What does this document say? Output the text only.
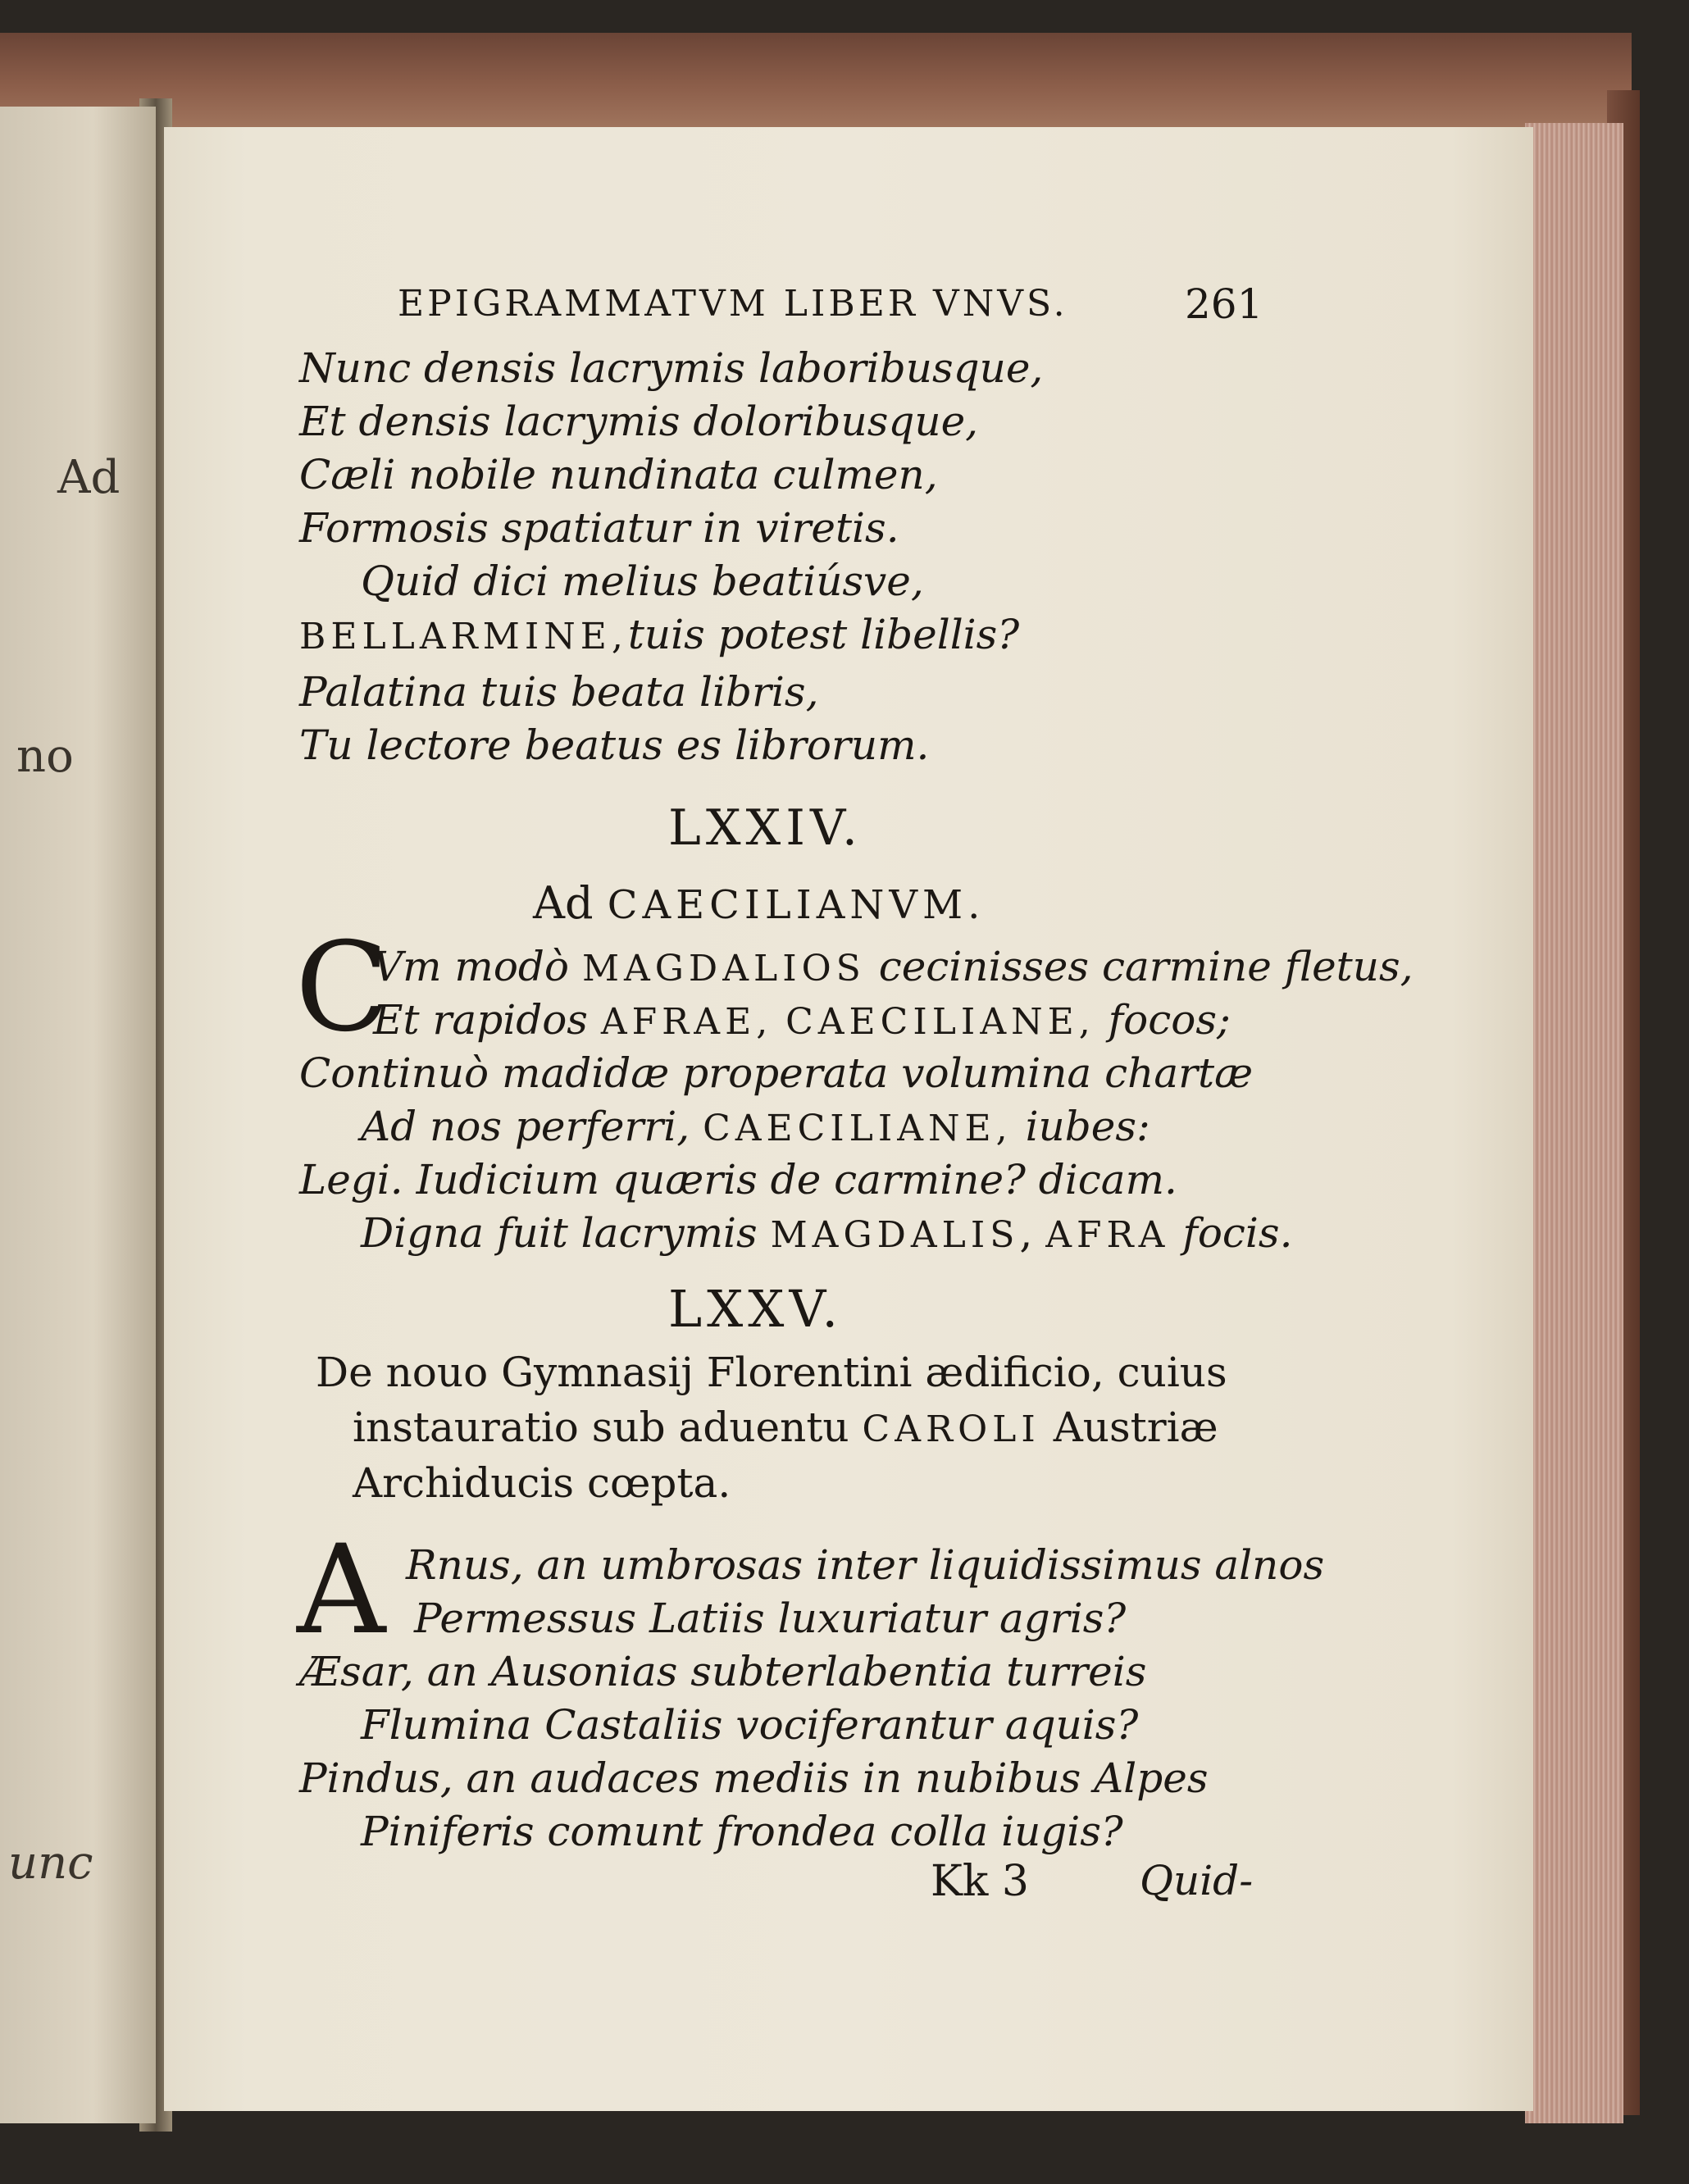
Ad
no
unc
EPIGRAMMATVM LIBER VNVS.	261
Nunc densis lacrymis laboribusque,
Et densis lacrymis doloribusque,
Cæli nobile nundinata culmen,
Formosis spatiatur in viretis.
Quid dici melius beatiúsve,
BELLARMINE,tuis potest libellis?
Palatina tuis beata libris,
Tu lectore beatus es librorum.
LXXIV.
Ad CAECILIANVM.
C
Vm modò MAGDALIOS cecinisses carmine fletus,
Et rapidos AFRAE, CAECILIANE, focos;
Continuò madidæ properata volumina chartæ
Ad nos perferri, CAECILIANE, iubes:
Legi. Iudicium quæris de carmine? dicam.
Digna fuit lacrymis MAGDALIS, AFRA focis.
LXXV.
De nouo Gymnasij Florentini ædificio, cuius
instauratio sub aduentu CAROLI Austriæ
Archiducis cœpta.
A Rnus, an umbrosas inter liquidissimus alnos
Permessus Latiis luxuriatur agris?
Æsar, an Ausonias subterlabentia turreis
Flumina Castaliis vociferantur aquis?
Pindus, an audaces mediis in nubibus Alpes
Piniferis comunt frondea colla iugis?
Kk 3	Quid-
